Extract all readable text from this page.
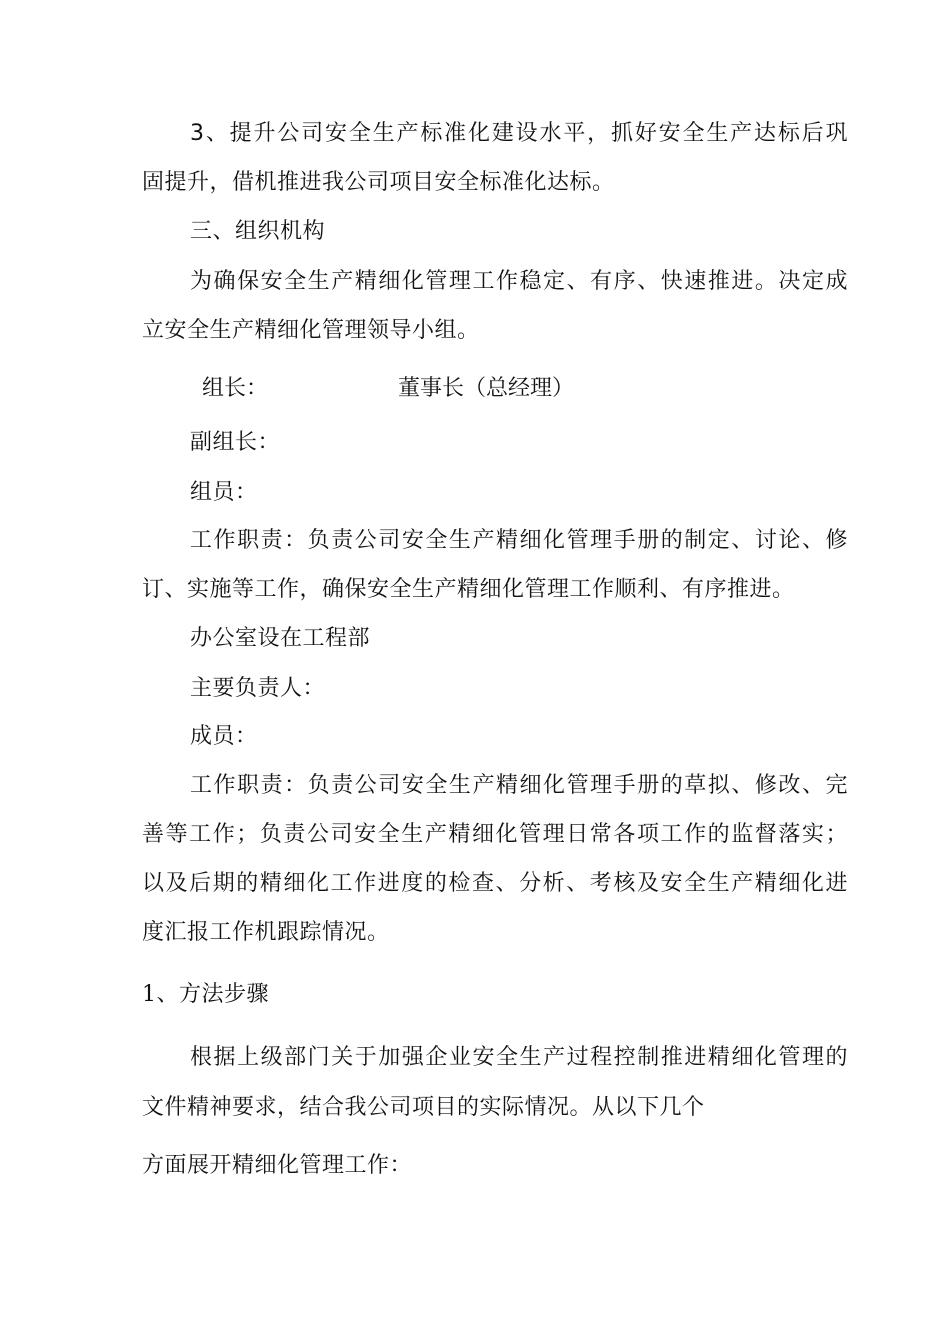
3、提升公司安全生产标准化建设水平，抓好安全生产达标后巩
固提升，借机推进我公司项目安全标准化达标。
三、组织机构
为确保安全生产精细化管理工作稳定、有序、快速推进。决定成
立安全生产精细化管理领导小组。
组长：	董事长（总经理）
副组长：
组员：
工作职责：负责公司安全生产精细化管理手册的制定、讨论、修
订、实施等工作，确保安全生产精细化管理工作顺利、有序推进。
办公室设在工程部
主要负责人：
成员：
工作职责：负责公司安全生产精细化管理手册的草拟、修改、完
善等工作；负责公司安全生产精细化管理日常各项工作的监督落实；
以及后期的精细化工作进度的检查、分析、考核及安全生产精细化进
度汇报工作机跟踪情况。
1、方法步骤
根据上级部门关于加强企业安全生产过程控制推进精细化管理的
文件精神要求，结合我公司项目的实际情况。从以下几个
方面展开精细化管理工作：
